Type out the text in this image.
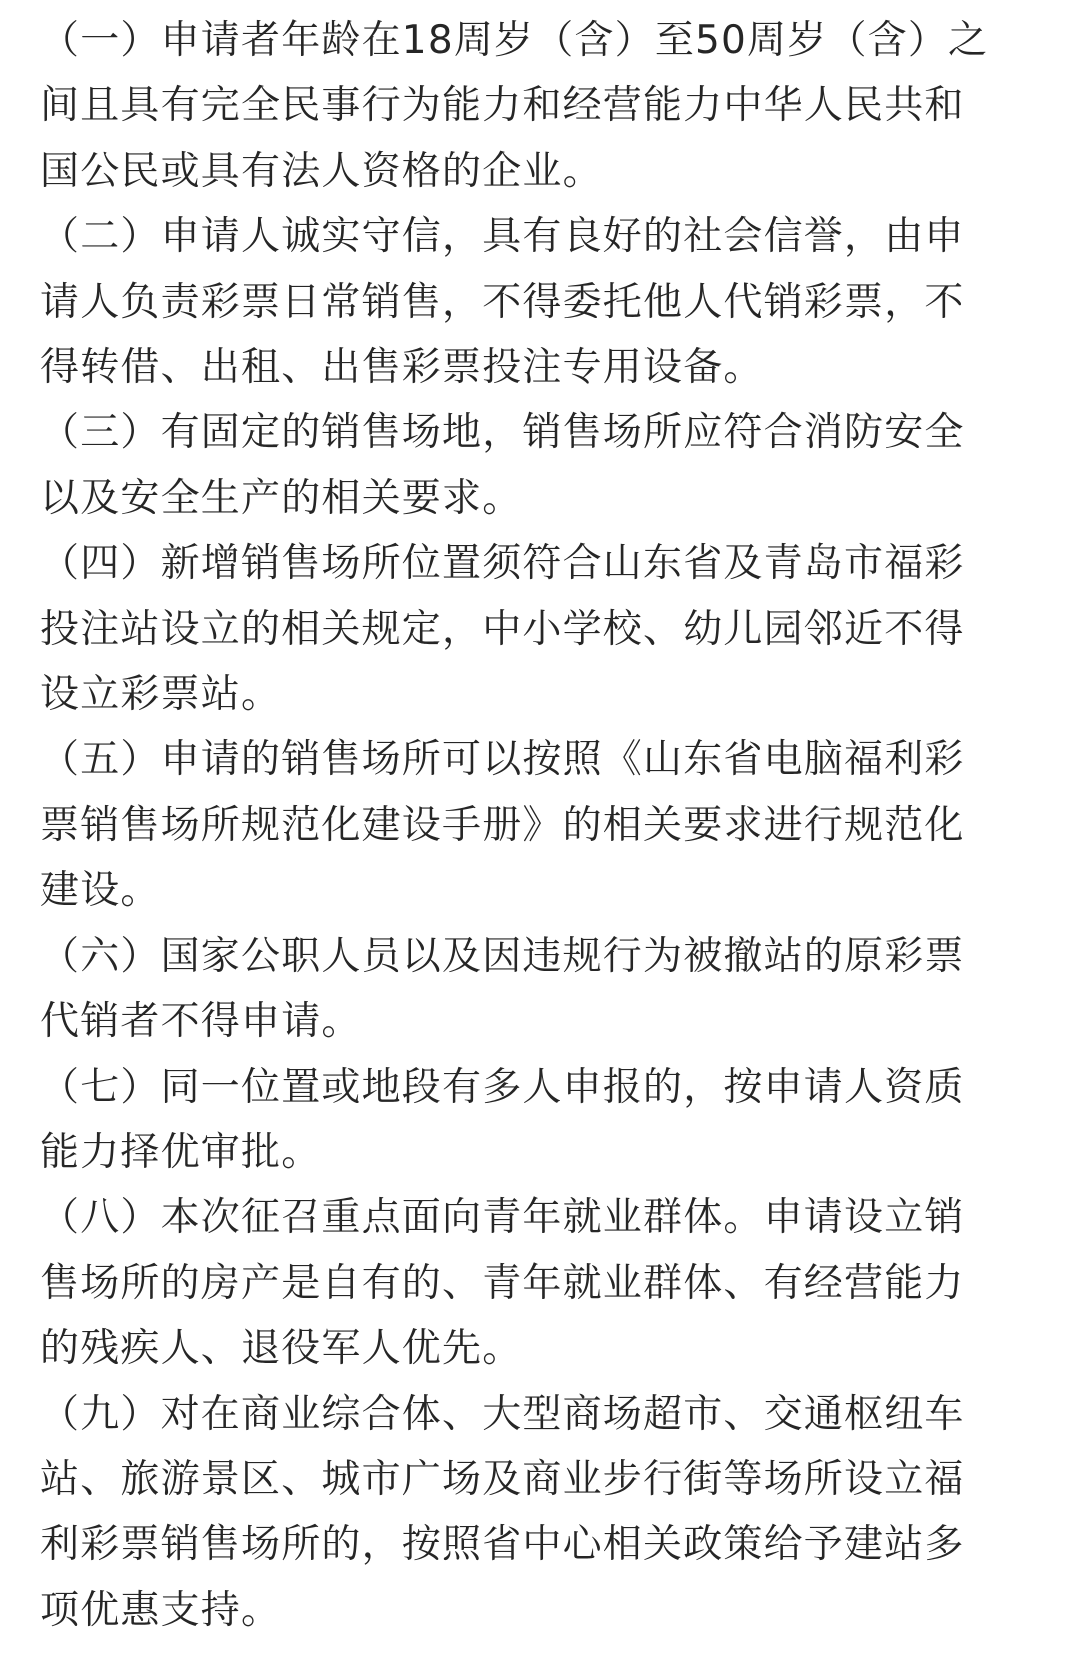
（一）申请者年龄在18周岁（含）至50周岁（含）之
间且具有完全民事行为能力和经营能力中华人民共和
国公民或具有法人资格的企业。
（二）申请人诚实守信，具有良好的社会信誉，由申
请人负责彩票日常销售，不得委托他人代销彩票，不
得转借、出租、出售彩票投注专用设备。
（三）有固定的销售场地，销售场所应符合消防安全
以及安全生产的相关要求。
（四）新增销售场所位置须符合山东省及青岛市福彩
投注站设立的相关规定，中小学校、幼儿园邻近不得
设立彩票站。
（五）申请的销售场所可以按照《山东省电脑福利彩
票销售场所规范化建设手册》的相关要求进行规范化
建设。
（六）国家公职人员以及因违规行为被撤站的原彩票
代销者不得申请。
（七）同一位置或地段有多人申报的，按申请人资质
能力择优审批。
（八）本次征召重点面向青年就业群体。申请设立销
售场所的房产是自有的、青年就业群体、有经营能力
的残疾人、退役军人优先。
（九）对在商业综合体、大型商场超市、交通枢纽车
站、旅游景区、城市广场及商业步行街等场所设立福
利彩票销售场所的，按照省中心相关政策给予建站多
项优惠支持。
